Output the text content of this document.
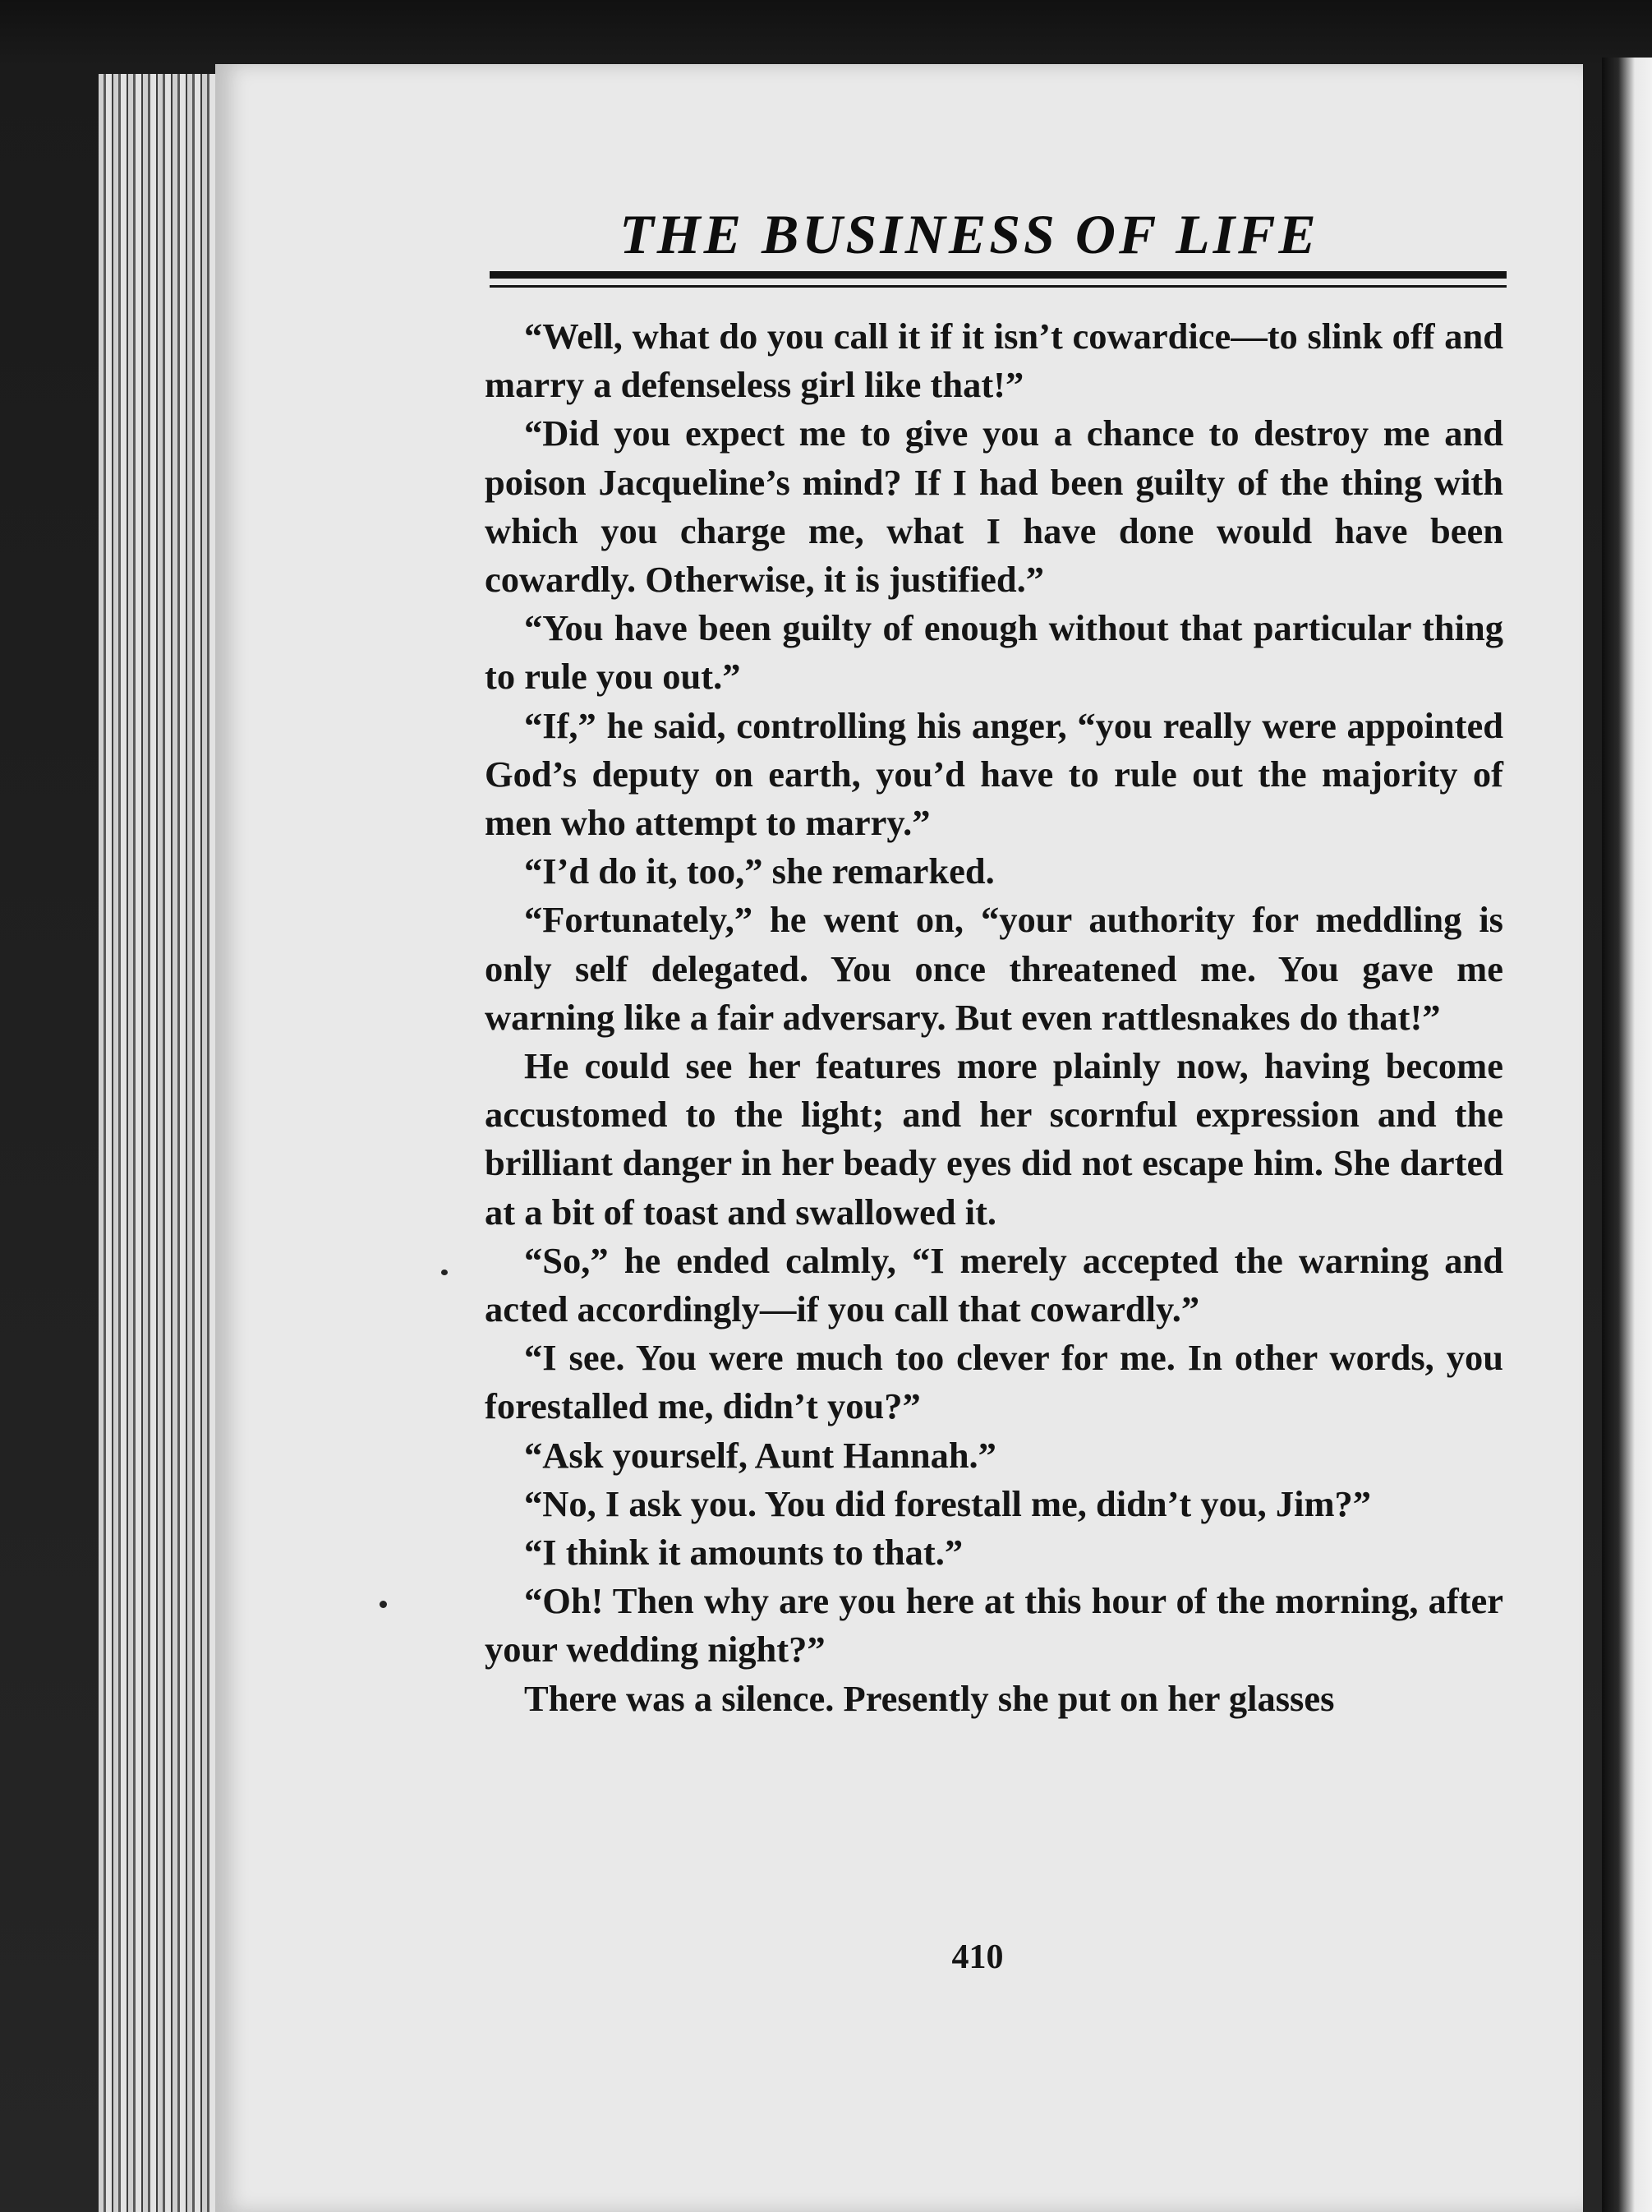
THE BUSINESS OF LIFE

“Well, what do you call it if it isn’t cowardice—to slink off and marry a defenseless girl like that!”

“Did you expect me to give you a chance to destroy me and poison Jacqueline’s mind? If I had been guilty of the thing with which you charge me, what I have done would have been cowardly. Otherwise, it is justified.”

“You have been guilty of enough without that particular thing to rule you out.”

“If,” he said, controlling his anger, “you really were appointed God’s deputy on earth, you’d have to rule out the majority of men who attempt to marry.”

“I’d do it, too,” she remarked.

“Fortunately,” he went on, “your authority for meddling is only self delegated. You once threatened me. You gave me warning like a fair adversary. But even rattlesnakes do that!”

He could see her features more plainly now, having become accustomed to the light; and her scornful expression and the brilliant danger in her beady eyes did not escape him. She darted at a bit of toast and swallowed it.

“So,” he ended calmly, “I merely accepted the warning and acted accordingly—if you call that cowardly.”

“I see. You were much too clever for me. In other words, you forestalled me, didn’t you?”

“Ask yourself, Aunt Hannah.”

“No, I ask you. You did forestall me, didn’t you, Jim?”

“I think it amounts to that.”

“Oh! Then why are you here at this hour of the morning, after your wedding night?”

There was a silence. Presently she put on her glasses

410
